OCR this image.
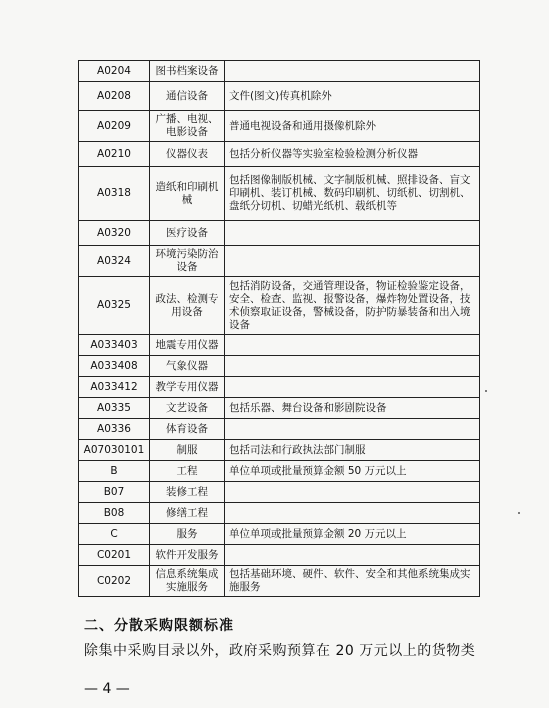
A0204	图书档案设备	
A0208	通信设备	文件(图文)传真机除外
A0209	广播、电视、电影设备	普通电视设备和通用摄像机除外
A0210	仪器仪表	包括分析仪器等实验室检验检测分析仪器
A0318	造纸和印刷机械	包括图像制版机械、文字制版机械、照排设备、盲文印刷机、装订机械、数码印刷机、切纸机、切割机、盘纸分切机、切蜡光纸机、载纸机等
A0320	医疗设备	
A0324	环境污染防治设备	
A0325	政法、检测专用设备	包括消防设备，交通管理设备，物证检验鉴定设备，安全、检查、监视、报警设备，爆炸物处置设备，技术侦察取证设备，警械设备，防护防暴装备和出入境设备
A033403	地震专用仪器	
A033408	气象仪器	
A033412	教学专用仪器	
A0335	文艺设备	包括乐器、舞台设备和影剧院设备
A0336	体育设备	
A07030101	制服	包括司法和行政执法部门制服
B	工程	单位单项或批量预算金额 50 万元以上
B07	装修工程	
B08	修缮工程	
C	服务	单位单项或批量预算金额 20 万元以上
C0201	软件开发服务	
C0202	信息系统集成实施服务	包括基础环境、硬件、软件、安全和其他系统集成实施服务
二、分散采购限额标准
除集中采购目录以外，政府采购预算在 20 万元以上的货物类
— 4 —
